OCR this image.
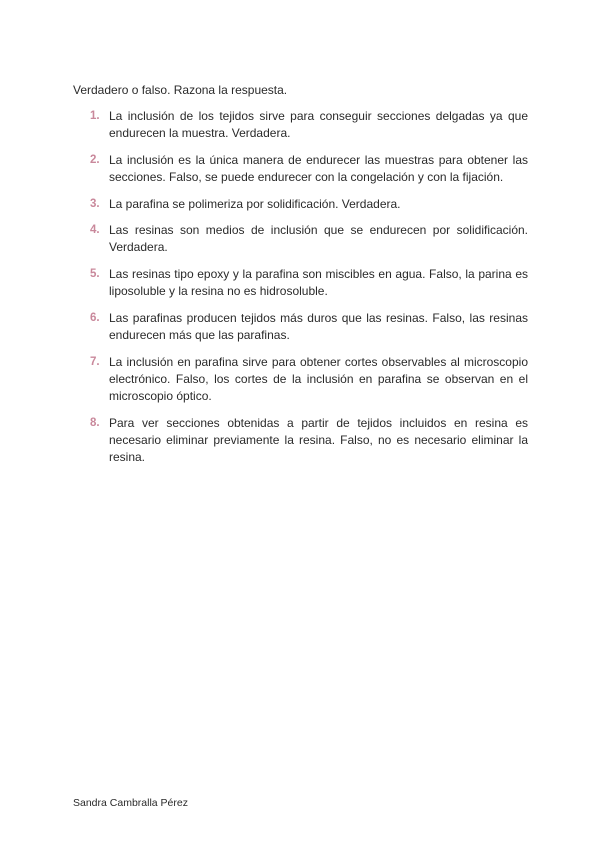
Verdadero o falso. Razona la respuesta.
1. La inclusión de los tejidos sirve para conseguir secciones delgadas ya que endurecen la muestra. Verdadera.
2. La inclusión es la única manera de endurecer las muestras para obtener las secciones. Falso, se puede endurecer con la congelación y con la fijación.
3. La parafina se polimeriza por solidificación. Verdadera.
4. Las resinas son medios de inclusión que se endurecen por solidificación. Verdadera.
5. Las resinas tipo epoxy y la parafina son miscibles en agua. Falso, la parina es liposoluble y la resina no es hidrosoluble.
6. Las parafinas producen tejidos más duros que las resinas. Falso, las resinas endurecen más que las parafinas.
7. La inclusión en parafina sirve para obtener cortes observables al microscopio electrónico. Falso, los cortes de la inclusión en parafina se observan en el microscopio óptico.
8. Para ver secciones obtenidas a partir de tejidos incluidos en resina es necesario eliminar previamente la resina. Falso, no es necesario eliminar la resina.
Sandra Cambralla Pérez
